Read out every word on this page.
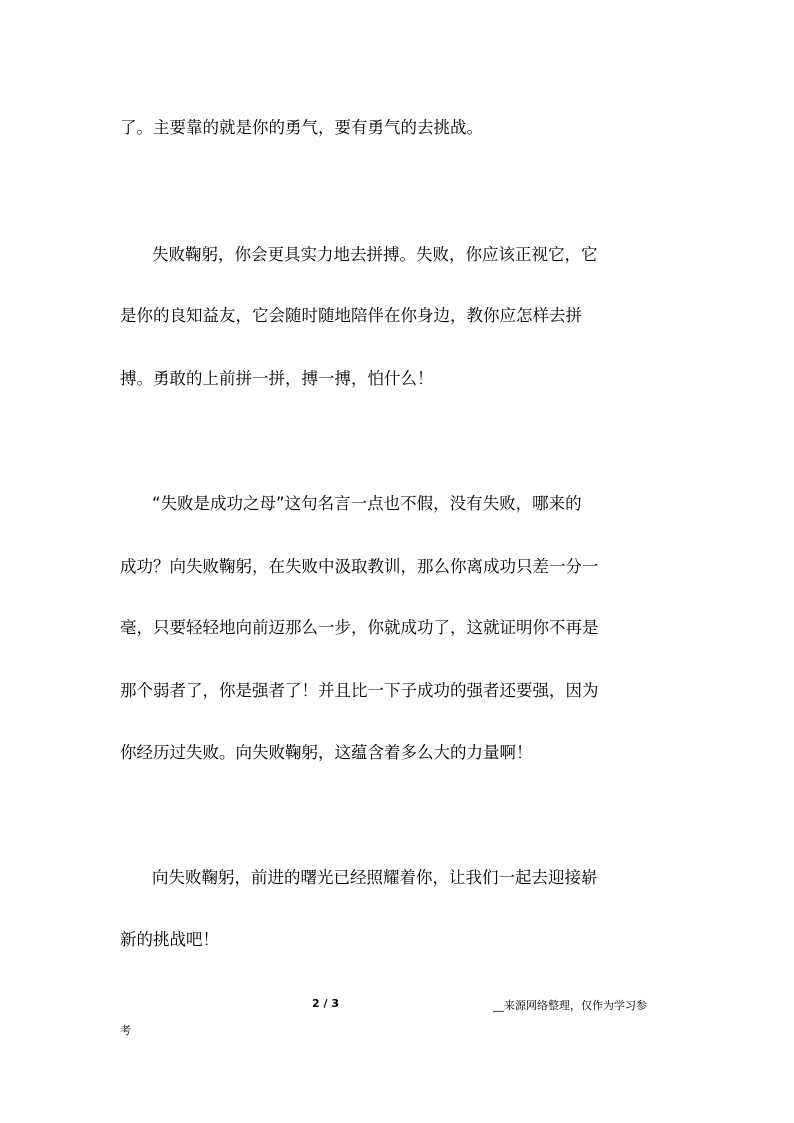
了。主要靠的就是你的勇气，要有勇气的去挑战。
失败鞠躬，你会更具实力地去拼搏。失败，你应该正视它，它
是你的良知益友，它会随时随地陪伴在你身边，教你应怎样去拼
搏。勇敢的上前拼一拼，搏一搏，怕什么！
“失败是成功之母”这句名言一点也不假，没有失败，哪来的
成功？向失败鞠躬，在失败中汲取教训，那么你离成功只差一分一
毫，只要轻轻地向前迈那么一步，你就成功了，这就证明你不再是
那个弱者了，你是强者了！并且比一下子成功的强者还要强，因为
你经历过失败。向失败鞠躬，这蕴含着多么大的力量啊！
向失败鞠躬，前进的曙光已经照耀着你，让我们一起去迎接崭
新的挑战吧！
2 / 3	__来源网络整理，仅作为学习参
考
